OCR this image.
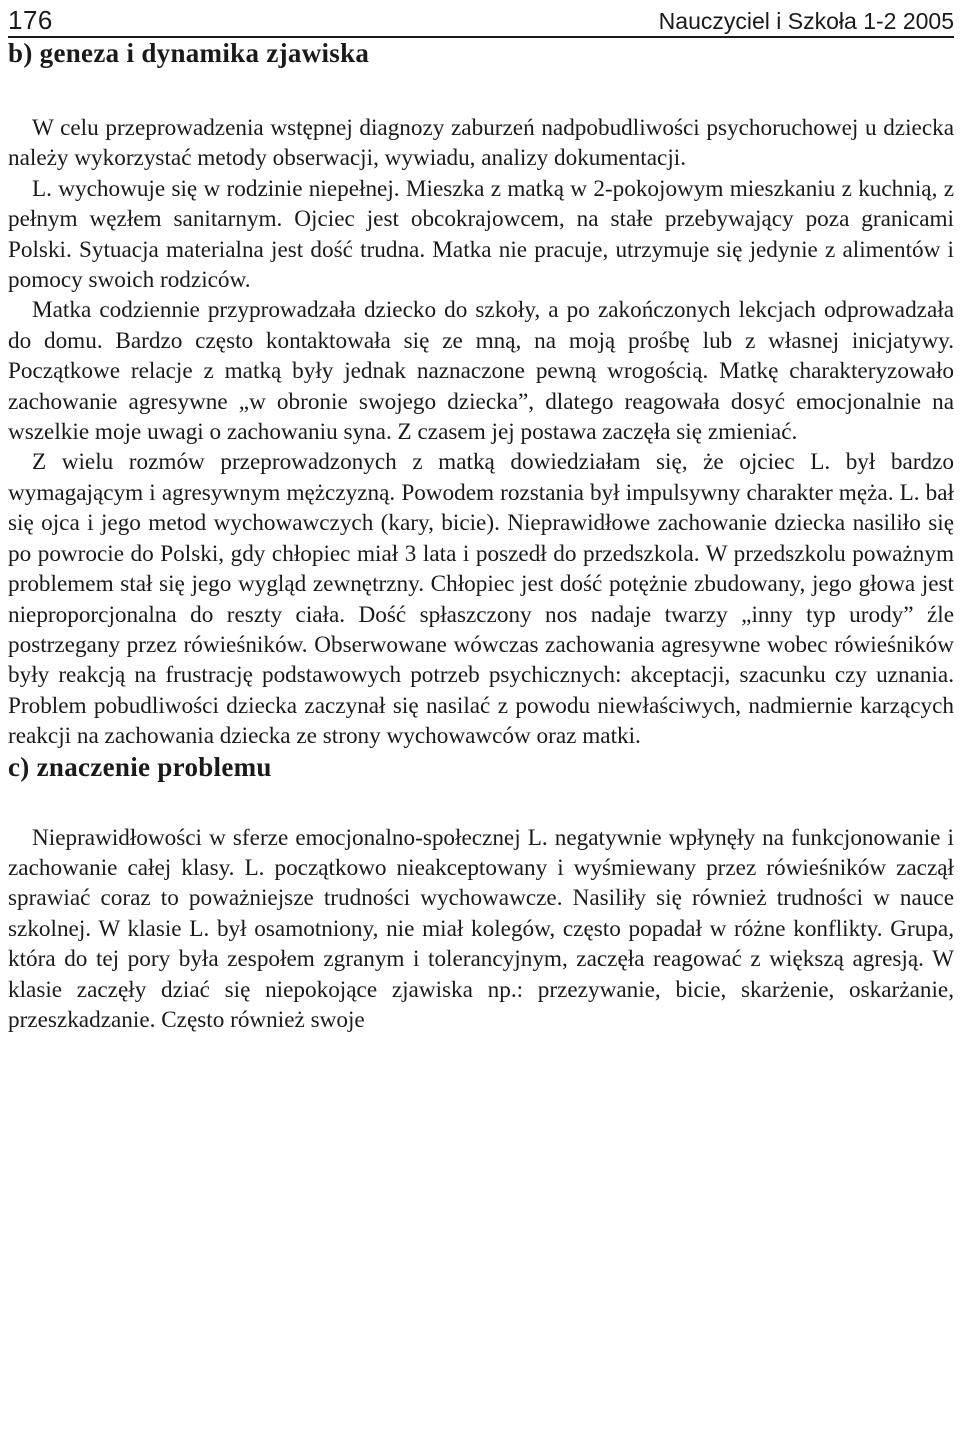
176	Nauczyciel i Szkoła 1-2 2005
b) geneza i dynamika zjawiska

W celu przeprowadzenia wstępnej diagnozy zaburzeń nadpobudliwości psychoruchowej u dziecka należy wykorzystać metody obserwacji, wywiadu, analizy dokumentacji.

L. wychowuje się w rodzinie niepełnej. Mieszka z matką w 2-pokojowym mieszkaniu z kuchnią, z pełnym węzłem sanitarnym. Ojciec jest obcokrajowcem, na stałe przebywający poza granicami Polski. Sytuacja materialna jest dość trudna. Matka nie pracuje, utrzymuje się jedynie z alimentów i pomocy swoich rodziców.

Matka codziennie przyprowadzała dziecko do szkoły, a po zakończonych lekcjach odprowadzała do domu. Bardzo często kontaktowała się ze mną, na moją prośbę lub z własnej inicjatywy. Początkowe relacje z matką były jednak naznaczone pewną wrogością. Matkę charakteryzowało zachowanie agresywne „w obronie swojego dziecka”, dlatego reagowała dosyć emocjonalnie na wszelkie moje uwagi o zachowaniu syna. Z czasem jej postawa zaczęła się zmieniać.

Z wielu rozmów przeprowadzonych z matką dowiedziałam się, że ojciec L. był bardzo wymagającym i agresywnym mężczyzną. Powodem rozstania był impulsywny charakter męża. L. bał się ojca i jego metod wychowawczych (kary, bicie). Nieprawidłowe zachowanie dziecka nasiliło się po powrocie do Polski, gdy chłopiec miał 3 lata i poszedł do przedszkola. W przedszkolu poważnym problemem stał się jego wygląd zewnętrzny. Chłopiec jest dość potężnie zbudowany, jego głowa jest nieproporcjonalna do reszty ciała. Dość spłaszczony nos nadaje twarzy „inny typ urody” źle postrzegany przez rówieśników. Obserwowane wówczas zachowania agresywne wobec rówieśników były reakcją na frustrację podstawowych potrzeb psychicznych: akceptacji, szacunku czy uznania. Problem pobudliwości dziecka zaczynał się nasilać z powodu niewłaściwych, nadmiernie karzących reakcji na zachowania dziecka ze strony wychowawców oraz matki.

c) znaczenie problemu

Nieprawidłowości w sferze emocjonalno-społecznej L. negatywnie wpłynęły na funkcjonowanie i zachowanie całej klasy. L. początkowo nieakceptowany i wyśmiewany przez rówieśników zaczął sprawiać coraz to poważniejsze trudności wychowawcze. Nasiliły się również trudności w nauce szkolnej. W klasie L. był osamotniony, nie miał kolegów, często popadał w różne konflikty. Grupa, która do tej pory była zespołem zgranym i tolerancyjnym, zaczęła reagować z większą agresją. W klasie zaczęły dziać się niepokojące zjawiska np.: przezywanie, bicie, skarżenie, oskarżanie, przeszkadzanie. Często również swoje
